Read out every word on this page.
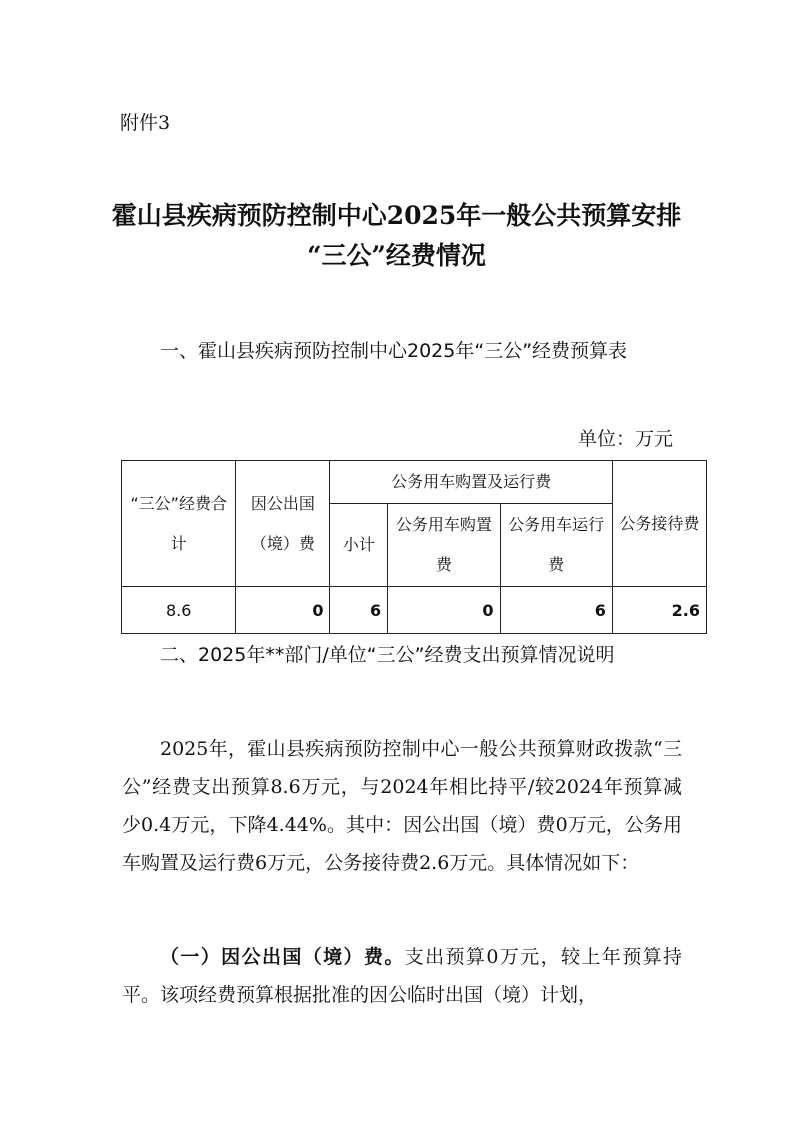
附件3
霍山县疾病预防控制中心2025年一般公共预算安排
“三公”经费情况
一、霍山县疾病预防控制中心2025年“三公”经费预算表
单位：万元
“三公”经费合计	因公出国（境）费	公务用车购置及运行费			公务接待费
		小计	公务用车购置费	公务用车运行费	
8.6	0	6	0	6	2.6
二、2025年**部门/单位“三公”经费支出预算情况说明
2025年，霍山县疾病预防控制中心一般公共预算财政拨款“三公”经费支出预算8.6万元，与2024年相比持平/较2024年预算减少0.4万元，下降4.44%。其中：因公出国（境）费0万元，公务用车购置及运行费6万元，公务接待费2.6万元。具体情况如下：
（一）因公出国（境）费。支出预算0万元，较上年预算持平。该项经费预算根据批准的因公临时出国（境）计划，
